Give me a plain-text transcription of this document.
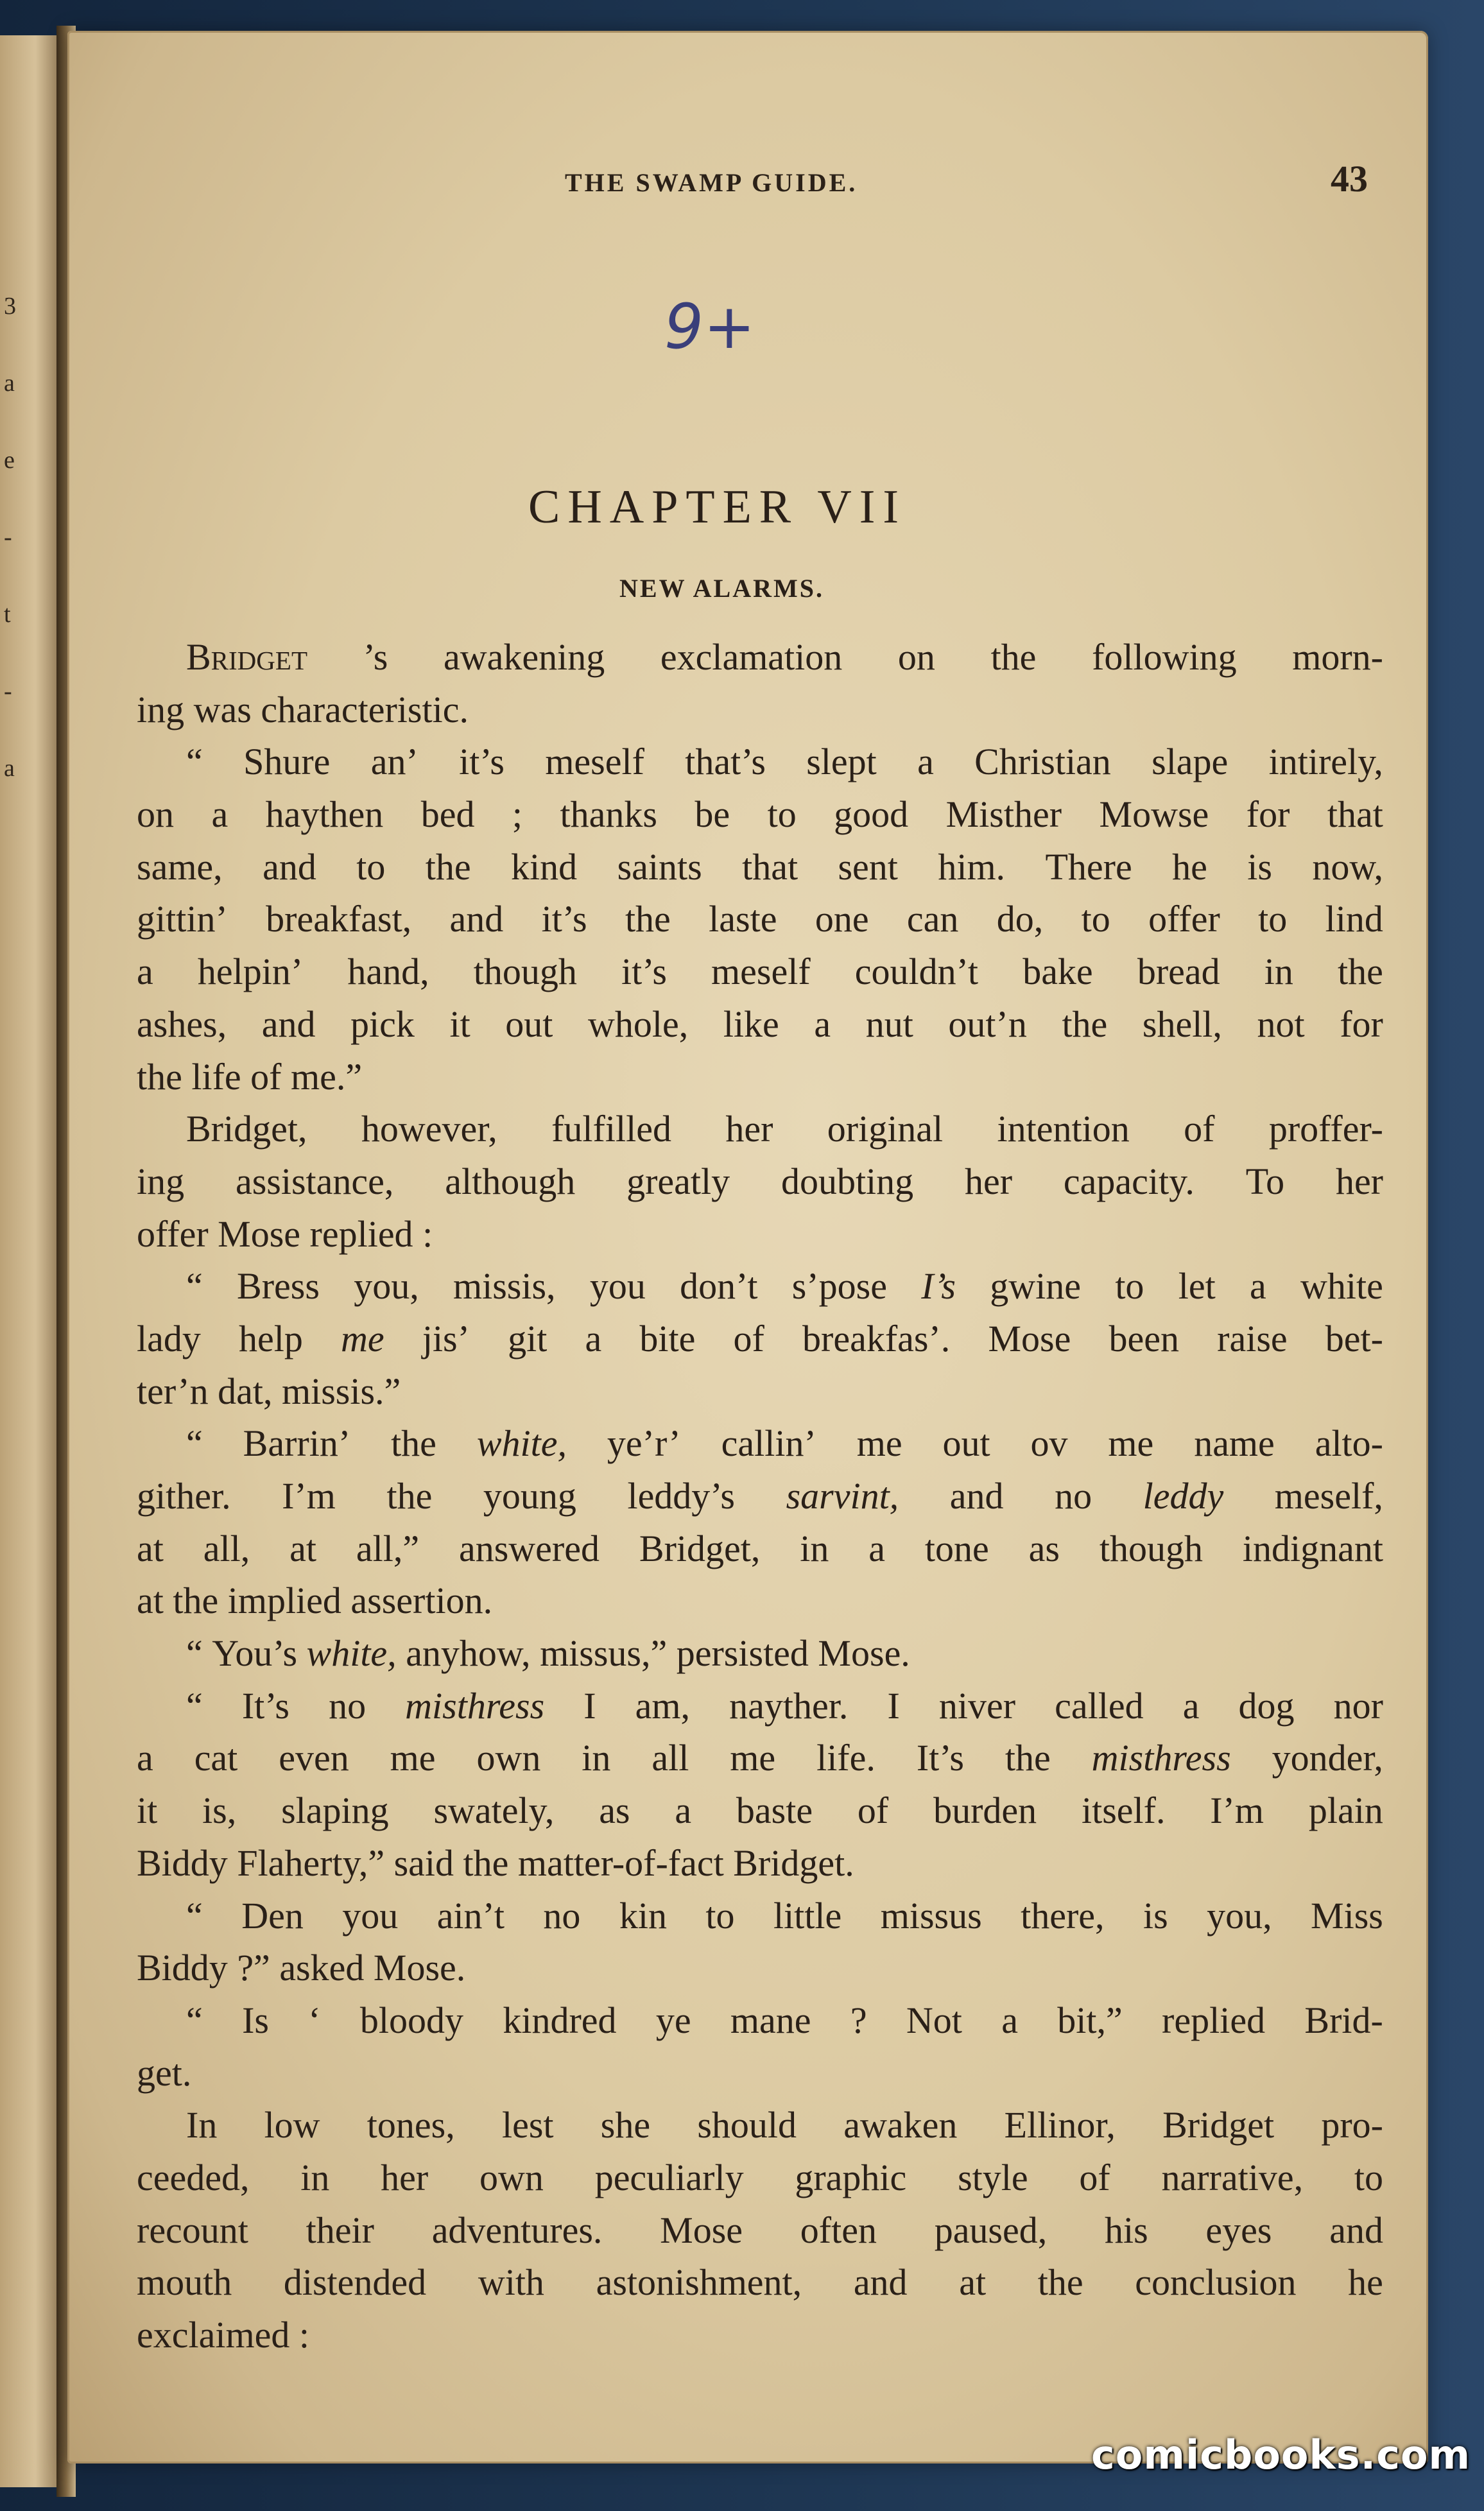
3
a
e
-
t
-
a
THE SWAMP GUIDE.	43
9+
CHAPTER VII
NEW ALARMS.
Bridget ’s awakening exclamation on the following morn-
ing was characteristic.
“ Shure an’ it’s meself that’s slept a Christian slape intirely,
on a haythen bed ; thanks be to good Misther Mowse for that
same, and to the kind saints that sent him. There he is now,
gittin’ breakfast, and it’s the laste one can do, to offer to lind
a helpin’ hand, though it’s meself couldn’t bake bread in the
ashes, and pick it out whole, like a nut out’n the shell, not for
the life of me.”
Bridget, however, fulfilled her original intention of proffer-
ing assistance, although greatly doubting her capacity. To her
offer Mose replied :
“ Bress you, missis, you don’t s’pose I’s gwine to let a white
lady help me jis’ git a bite of breakfas’. Mose been raise bet-
ter’n dat, missis.”
“ Barrin’ the white, ye’r’ callin’ me out ov me name alto-
gither. I’m the young leddy’s sarvint, and no leddy meself,
at all, at all,” answered Bridget, in a tone as though indignant
at the implied assertion.
“ You’s white, anyhow, missus,” persisted Mose.
“ It’s no misthress I am, nayther. I niver called a dog nor
a cat even me own in all me life. It’s the misthress yonder,
it is, slaping swately, as a baste of burden itself. I’m plain
Biddy Flaherty,” said the matter-of-fact Bridget.
“ Den you ain’t no kin to little missus there, is you, Miss
Biddy ?” asked Mose.
“ Is ‘ bloody kindred ye mane ? Not a bit,” replied Brid-
get.
In low tones, lest she should awaken Ellinor, Bridget pro-
ceeded, in her own peculiarly graphic style of narrative, to
recount their adventures. Mose often paused, his eyes and
mouth distended with astonishment, and at the conclusion he
exclaimed :
comicbooks.com
